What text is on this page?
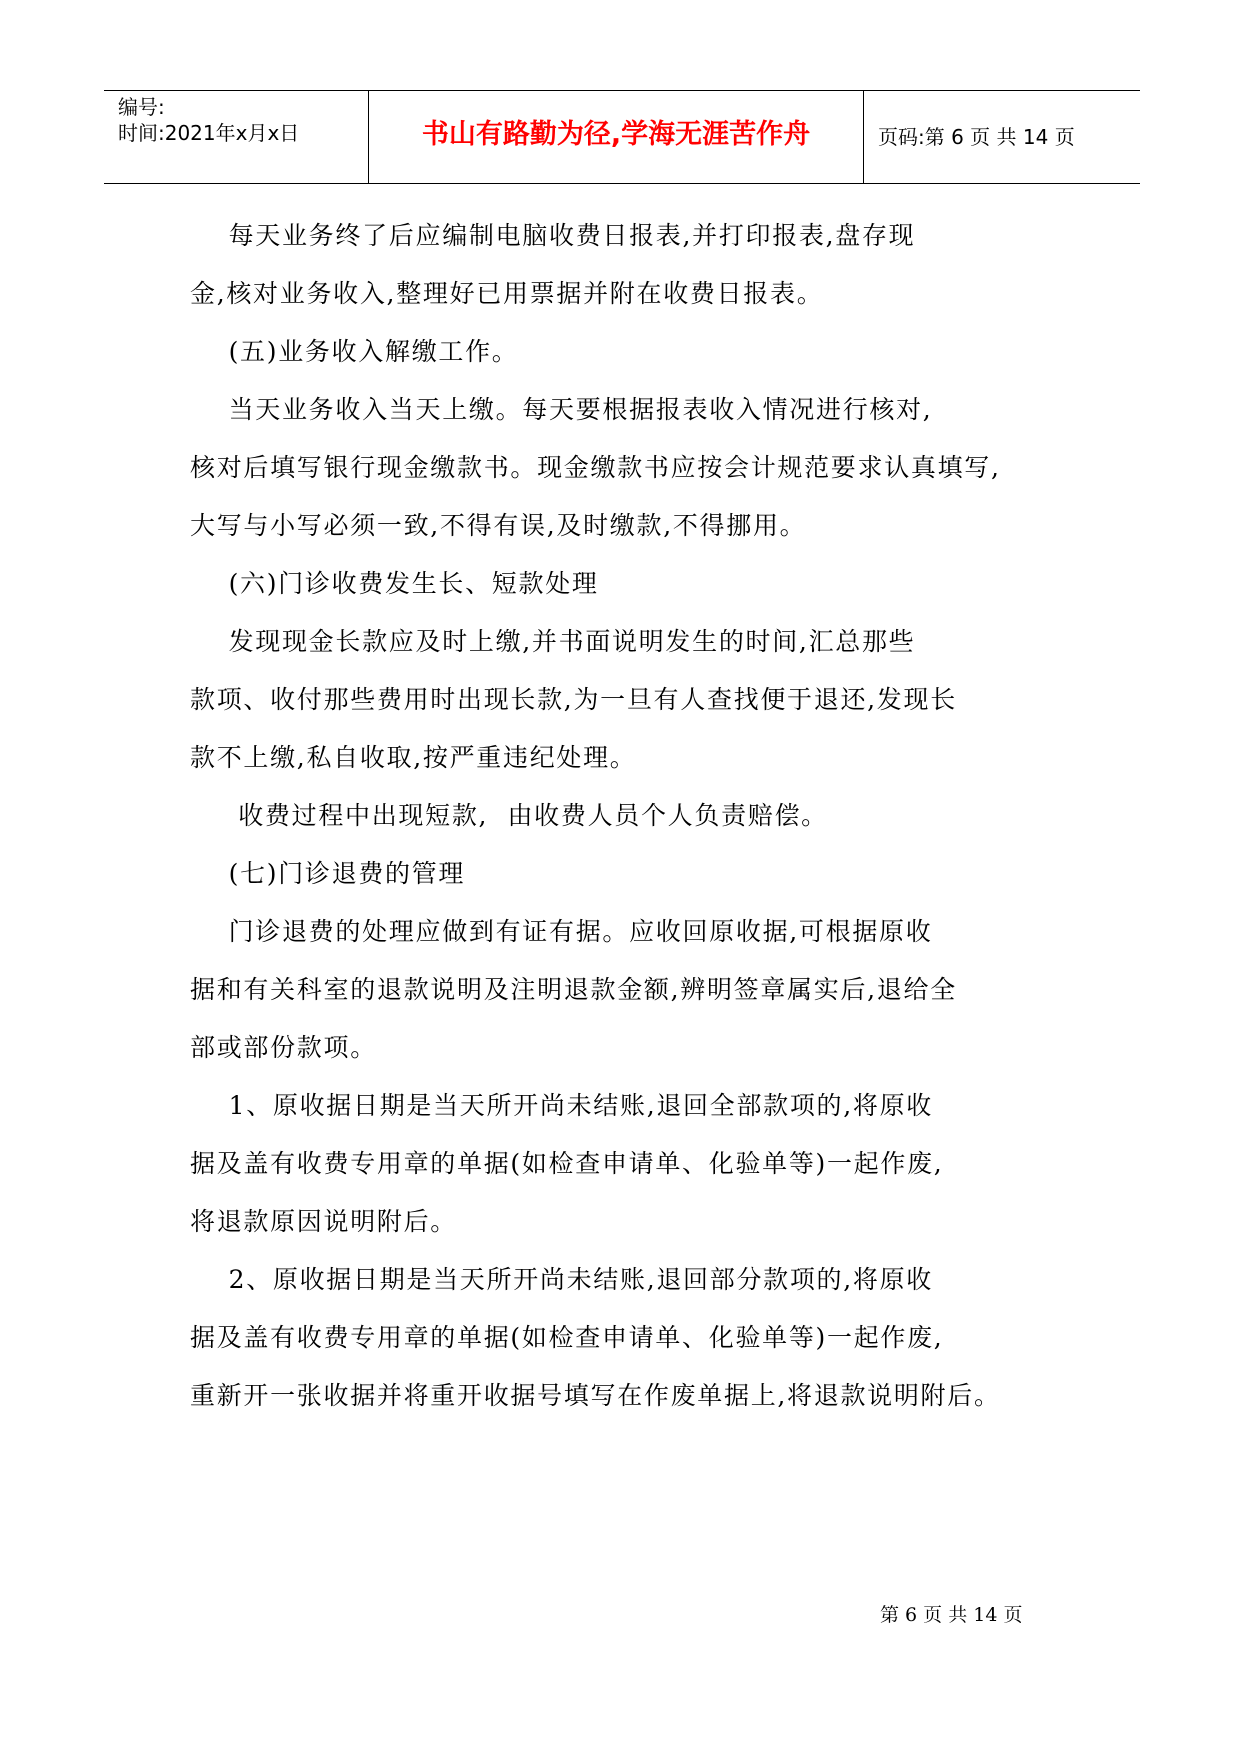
编号:
时间:2021年x月x日	书山有路勤为径,学海无涯苦作舟	页码:第 6 页 共 14 页
每天业务终了后应编制电脑收费日报表,并打印报表,盘存现
金,核对业务收入,整理好已用票据并附在收费日报表。
(五)业务收入解缴工作。
当天业务收入当天上缴。每天要根据报表收入情况进行核对,
核对后填写银行现金缴款书。现金缴款书应按会计规范要求认真填写,
大写与小写必须一致,不得有误,及时缴款,不得挪用。
(六)门诊收费发生长、短款处理
发现现金长款应及时上缴,并书面说明发生的时间,汇总那些
款项、收付那些费用时出现长款,为一旦有人查找便于退还,发现长
款不上缴,私自收取,按严重违纪处理。
收费过程中出现短款,  由收费人员个人负责赔偿。
(七)门诊退费的管理
门诊退费的处理应做到有证有据。应收回原收据,可根据原收
据和有关科室的退款说明及注明退款金额,辨明签章属实后,退给全
部或部份款项。
1、原收据日期是当天所开尚未结账,退回全部款项的,将原收
据及盖有收费专用章的单据(如检查申请单、化验单等)一起作废,
将退款原因说明附后。
2、原收据日期是当天所开尚未结账,退回部分款项的,将原收
据及盖有收费专用章的单据(如检查申请单、化验单等)一起作废,
重新开一张收据并将重开收据号填写在作废单据上,将退款说明附后。
第 6 页 共 14 页
